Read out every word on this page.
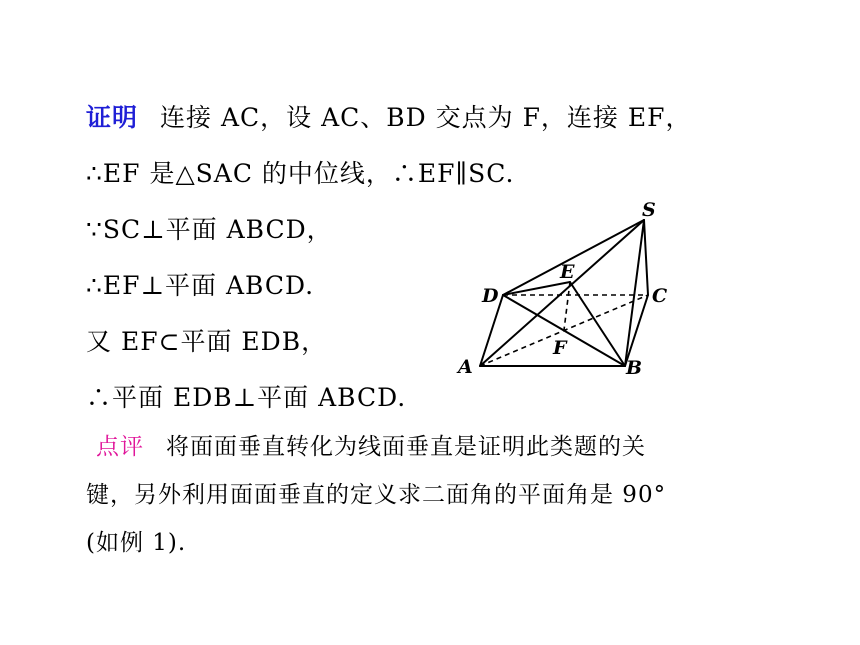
证明 连接 AC，设 AC、BD 交点为 F，连接 EF，
∴EF 是△SAC 的中位线，∴EF∥SC.
∵SC⊥平面 ABCD，
∴EF⊥平面 ABCD.
又 EF⊂平面 EDB，
∴平面 EDB⊥平面 ABCD.
S
E
D	C
F
A	B
点评 将面面垂直转化为线面垂直是证明此类题的关
键，另外利用面面垂直的定义求二面角的平面角是 90°
(如例 1).
